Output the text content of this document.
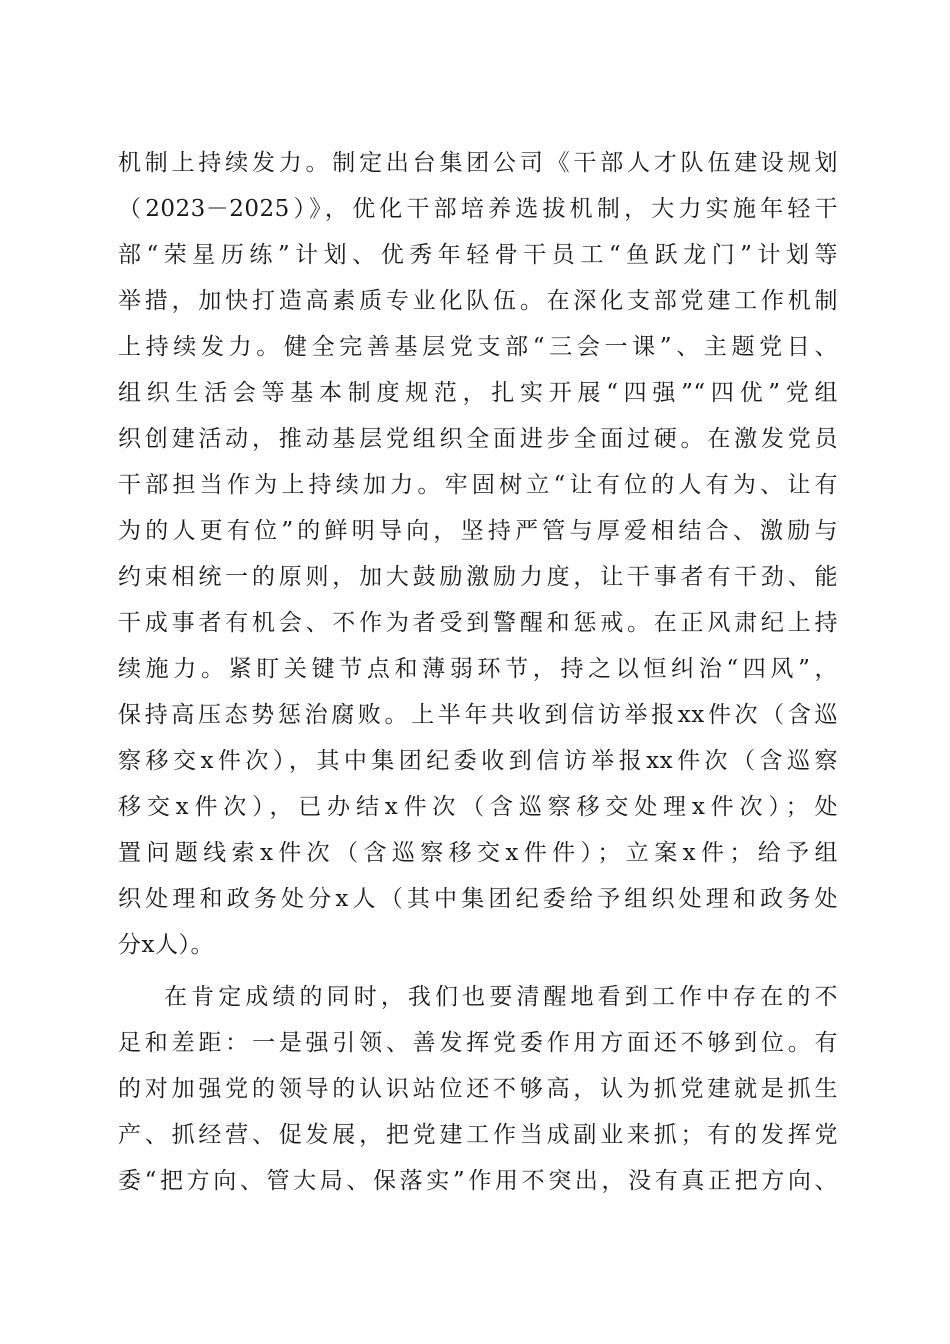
机制上持续发力。制定出台集团公司《干部人才队伍建设规划
（2023－2025）》，优化干部培养选拔机制，大力实施年轻干
部“荣星历练”计划、优秀年轻骨干员工“鱼跃龙门”计划等
举措，加快打造高素质专业化队伍。在深化支部党建工作机制
上持续发力。健全完善基层党支部“三会一课”、主题党日、
组织生活会等基本制度规范，扎实开展“四强”“四优”党组
织创建活动，推动基层党组织全面进步全面过硬。在激发党员
干部担当作为上持续加力。牢固树立“让有位的人有为、让有
为的人更有位”的鲜明导向，坚持严管与厚爱相结合、激励与
约束相统一的原则，加大鼓励激励力度，让干事者有干劲、能
干成事者有机会、不作为者受到警醒和惩戒。在正风肃纪上持
续施力。紧盯关键节点和薄弱环节，持之以恒纠治“四风”，
保持高压态势惩治腐败。上半年共收到信访举报xx件次（含巡
察移交x件次），其中集团纪委收到信访举报xx件次（含巡察
移交x件次），已办结x件次（含巡察移交处理x件次）；处
置问题线索x件次（含巡察移交x件件）；立案x件；给予组
织处理和政务处分x人（其中集团纪委给予组织处理和政务处
分x人）。
在肯定成绩的同时，我们也要清醒地看到工作中存在的不
足和差距：一是强引领、善发挥党委作用方面还不够到位。有
的对加强党的领导的认识站位还不够高，认为抓党建就是抓生
产、抓经营、促发展，把党建工作当成副业来抓；有的发挥党
委“把方向、管大局、保落实”作用不突出，没有真正把方向、
